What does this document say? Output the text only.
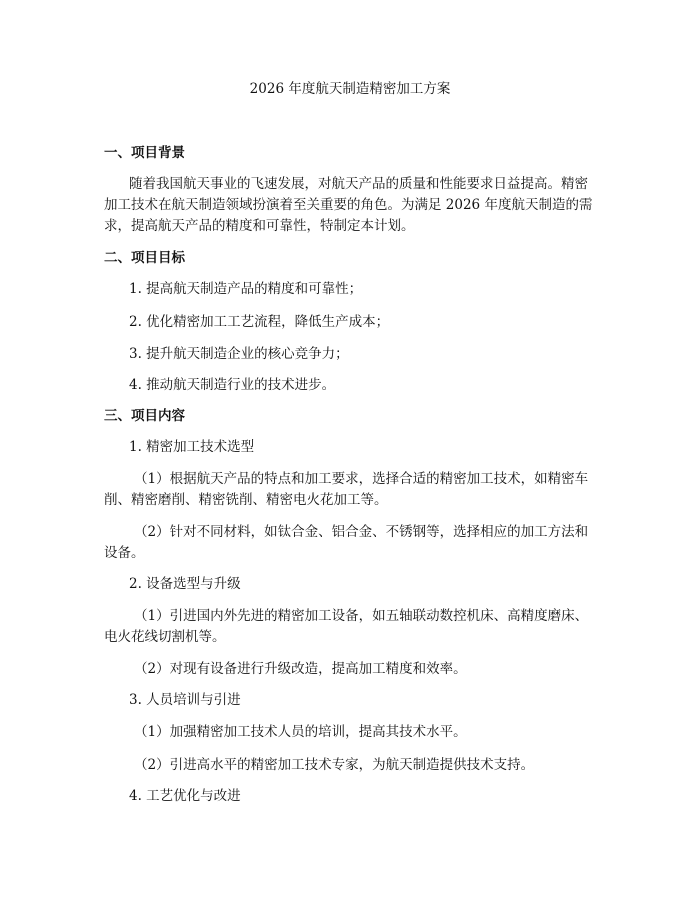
2026 年度航天制造精密加工方案
一、项目背景
随着我国航天事业的飞速发展，对航天产品的质量和性能要求日益提高。精密
加工技术在航天制造领域扮演着至关重要的角色。为满足 2026 年度航天制造的需
求，提高航天产品的精度和可靠性，特制定本计划。
二、项目目标
1. 提高航天制造产品的精度和可靠性；
2. 优化精密加工工艺流程，降低生产成本；
3. 提升航天制造企业的核心竞争力；
4. 推动航天制造行业的技术进步。
三、项目内容
1. 精密加工技术选型
（1）根据航天产品的特点和加工要求，选择合适的精密加工技术，如精密车
削、精密磨削、精密铣削、精密电火花加工等。
（2）针对不同材料，如钛合金、铝合金、不锈钢等，选择相应的加工方法和
设备。
2. 设备选型与升级
（1）引进国内外先进的精密加工设备，如五轴联动数控机床、高精度磨床、
电火花线切割机等。
（2）对现有设备进行升级改造，提高加工精度和效率。
3. 人员培训与引进
（1）加强精密加工技术人员的培训，提高其技术水平。
（2）引进高水平的精密加工技术专家，为航天制造提供技术支持。
4. 工艺优化与改进
